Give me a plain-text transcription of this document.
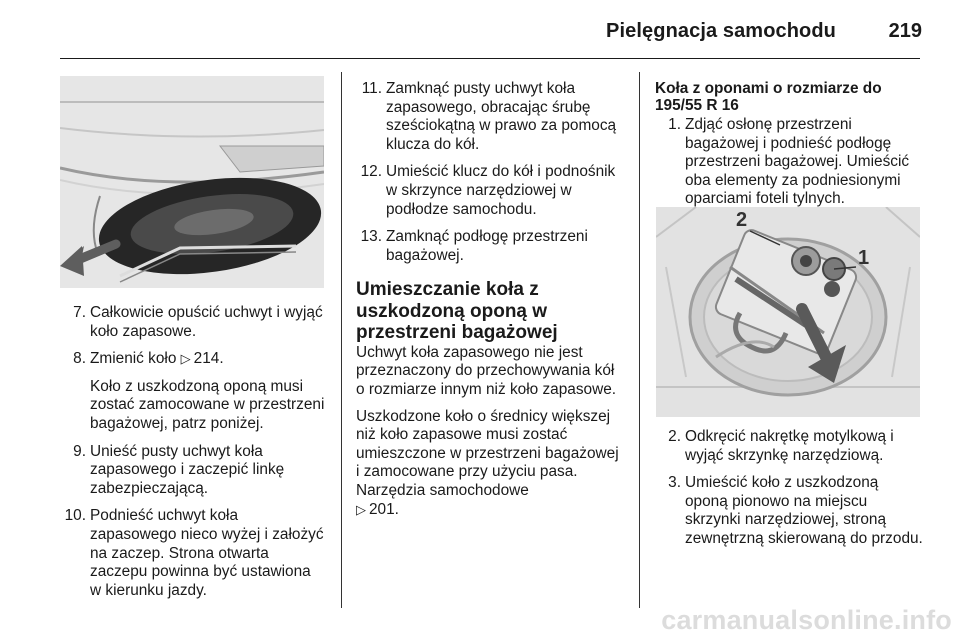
Pielęgnacja samochodu	219
7. Całkowicie opuścić uchwyt i wyjąć koło zapasowe.
8. Zmienić koło ▷ 214.
Koło z uszkodzoną oponą musi zostać zamocowane w przestrzeni bagażowej, patrz poniżej.
9. Unieść pusty uchwyt koła zapasowego i zaczepić linkę zabezpieczającą.
10. Podnieść uchwyt koła zapasowego nieco wyżej i założyć na zaczep. Strona otwarta zaczepu powinna być ustawiona w kierunku jazdy.
11. Zamknąć pusty uchwyt koła zapasowego, obracając śrubę sześciokątną w prawo za pomocą klucza do kół.
12. Umieścić klucz do kół i podnośnik w skrzynce narzędziowej w podłodze samochodu.
13. Zamknąć podłogę przestrzeni bagażowej.
Umieszczanie koła z uszkodzoną oponą w przestrzeni bagażowej

Uchwyt koła zapasowego nie jest przeznaczony do przechowywania kół o rozmiarze innym niż koło zapasowe.

Uszkodzone koło o średnicy większej niż koło zapasowe musi zostać umieszczone w przestrzeni bagażowej i zamocowane przy użyciu pasa. Narzędzia samochodowe
▷ 201.

Koła z oponami o rozmiarze do 195/55 R 16
1. Zdjąć osłonę przestrzeni bagażowej i podnieść podłogę przestrzeni bagażowej. Umieścić oba elementy za podniesionymi oparciami foteli tylnych.
2
1
2. Odkręcić nakrętkę motylkową i wyjąć skrzynkę narzędziową.
3. Umieścić koło z uszkodzoną oponą pionowo na miejscu skrzynki narzędziowej, stroną zewnętrzną skierowaną do przodu.
carmanualsonline.info
